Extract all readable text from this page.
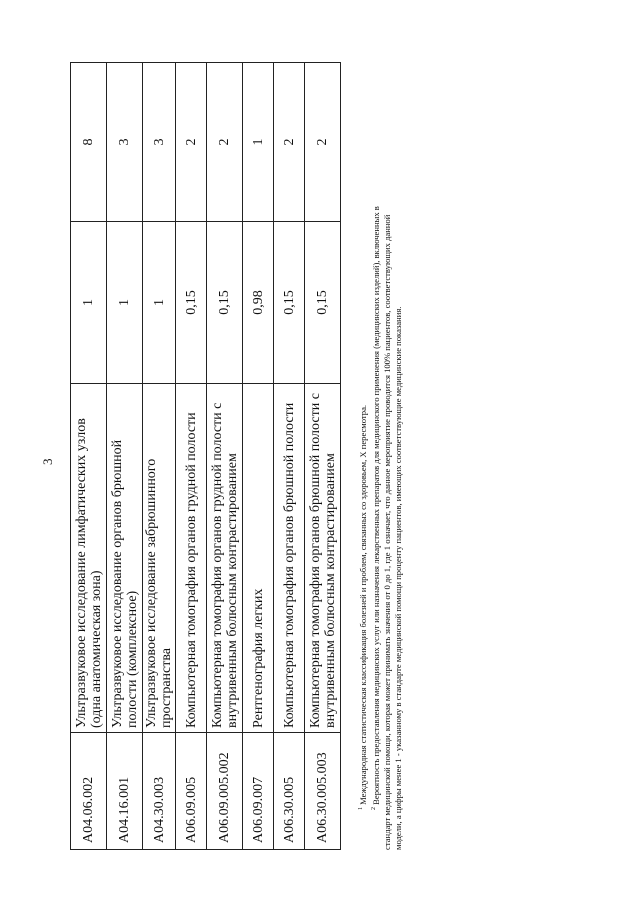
3
A04.06.002	Ультразвуковое исследование лимфатических узлов (одна анатомическая зона)	1	8
A04.16.001	Ультразвуковое исследование органов брюшной полости (комплексное)	1	3
A04.30.003	Ультразвуковое исследование забрюшинного пространства	1	3
A06.09.005	Компьютерная томография органов грудной полости	0,15	2
A06.09.005.002	Компьютерная томография органов грудной полости с внутривенным болюсным контрастированием	0,15	2
A06.09.007	Рентгенография легких	0,98	1
A06.30.005	Компьютерная томография органов брюшной полости	0,15	2
A06.30.005.003	Компьютерная томография органов брюшной полости с внутривенным болюсным контрастированием	0,15	2

$^1$ Международная статистическая классификация болезней и проблем, связанных со здоровьем, X пересмотра.

$^2$ Вероятность предоставления медицинских услуг или назначения лекарственных препаратов для медицинского применения (медицинских изделий), включенных в стандарт медицинской помощи, которая может принимать значения от 0 до 1, где 1 означает, что данное мероприятие проводится 100% пациентов, соответствующих данной модели, а цифры менее 1 - указанному в стандарте медицинской помощи проценту пациентов, имеющих соответствующие медицинские показания.
